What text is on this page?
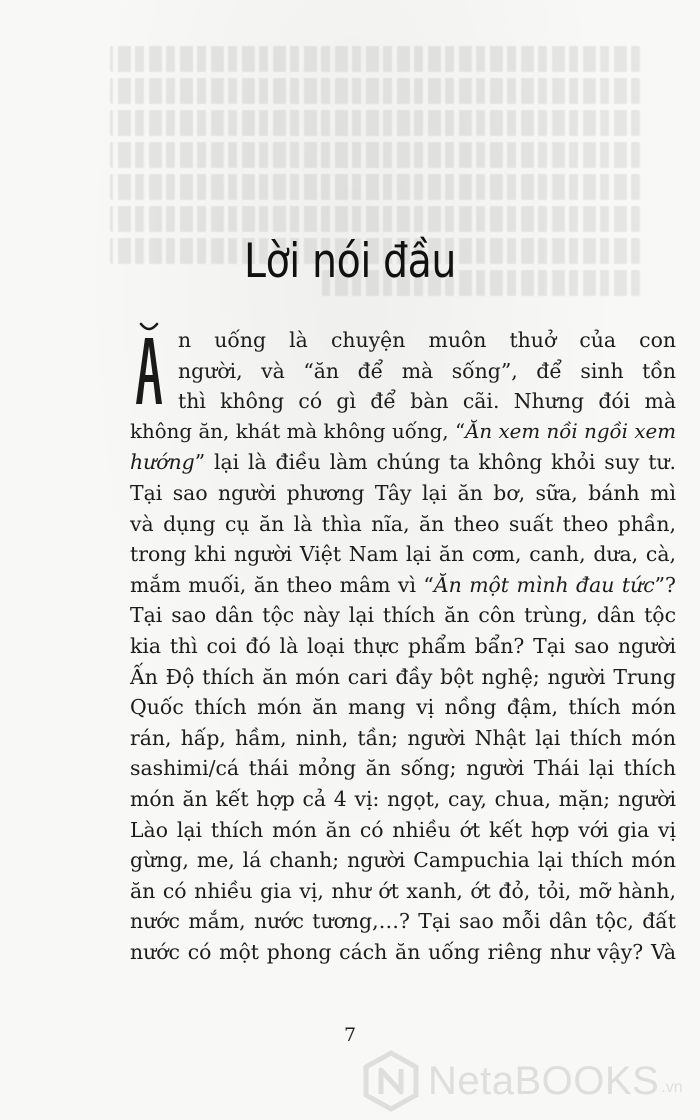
Lời nói đầu
n uống là chuyện muôn thuở của con
người, và “ăn để mà sống”, để sinh tồn
thì không có gì để bàn cãi. Nhưng đói mà
không ăn, khát mà không uống, “Ăn xem nồi ngồi xem
hướng” lại là điều làm chúng ta không khỏi suy tư.
Tại sao người phương Tây lại ăn bơ, sữa, bánh mì
và dụng cụ ăn là thìa nĩa, ăn theo suất theo phần,
trong khi người Việt Nam lại ăn cơm, canh, dưa, cà,
mắm muối, ăn theo mâm vì “Ăn một mình đau tức”?
Tại sao dân tộc này lại thích ăn côn trùng, dân tộc
kia thì coi đó là loại thực phẩm bẩn? Tại sao người
Ấn Độ thích ăn món cari đầy bột nghệ; người Trung
Quốc thích món ăn mang vị nồng đậm, thích món
rán, hấp, hầm, ninh, tần; người Nhật lại thích món
sashimi/cá thái mỏng ăn sống; người Thái lại thích
món ăn kết hợp cả 4 vị: ngọt, cay, chua, mặn; người
Lào lại thích món ăn có nhiều ớt kết hợp với gia vị
gừng, me, lá chanh; người Campuchia lại thích món
ăn có nhiều gia vị, như ớt xanh, ớt đỏ, tỏi, mỡ hành,
nước mắm, nước tương,…? Tại sao mỗi dân tộc, đất
nước có một phong cách ăn uống riêng như vậy? Và
7
NetaBOOKS .vn
